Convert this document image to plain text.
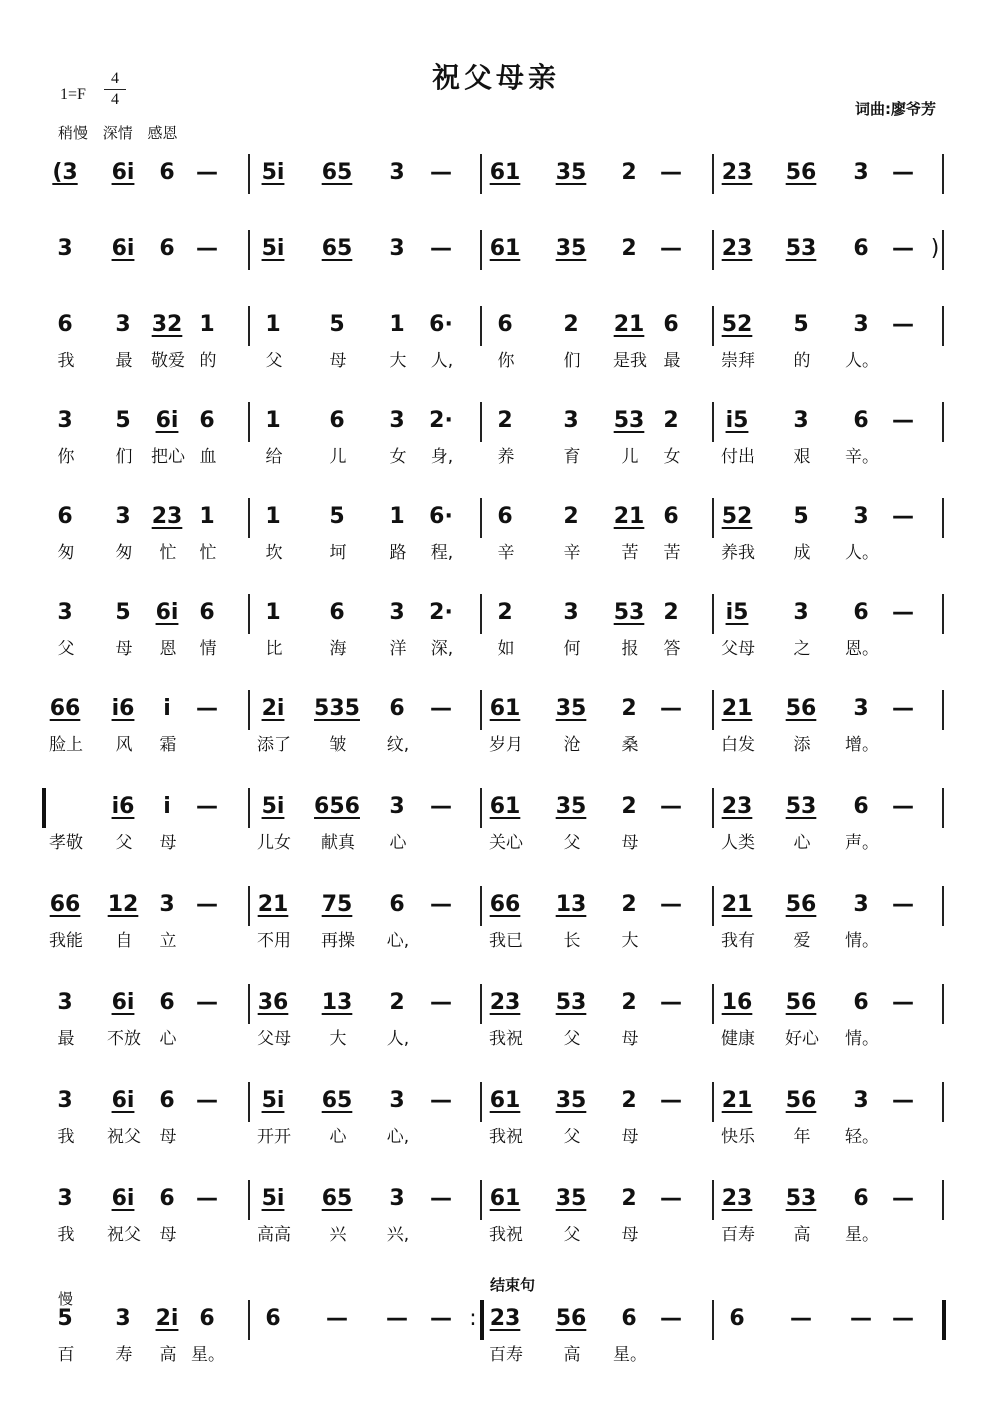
祝父母亲
1=F
4
4
稍慢 深情 感恩
词曲:廖爷芳
(3	6i	6 —	5i	65	3	—	61	35	2	—	23	56	3	—
3	6i	6 —	5i	65	3	—	61	35	2	—	23	53	6	— )
6	3 32 1	1	5	1	6·	6	2	21 6	52	5	3	—
我	最	敬爱 的	父	母	大	人,	你	们	是我 最	崇拜	的	人。
3	5	6i 6	1	6	3	2·	2	3	53 2	i5	3	6	—
你	们	把心 血	给	儿	女	身,	养	育	儿	女	付出	艰	辛。
6	3 23 1	1	5	1	6·	6	2	21 6	52	5	3	—
匆	匆	忙	忙	坎	坷	路	程,	辛	辛	苦	苦	养我	成	人。
3	5	6i 6	1	6	3	2·	2	3	53 2	i5	3	6	—
父	母	恩	情	比	海	洋	深,	如	何	报	答	父母	之	恩。
66	i6	i	—	2i	535	6	—	61	35	2	—	21	56	3	—
脸上	风	霜	添了	皱	纹,	岁月	沧	桑	白发	添	增。
i6	i	—	5i	656	3	—	61	35	2	—	23	53	6	—
孝敬	父	母	儿女	献真	心	关心	父	母	人类	心	声。
66	12 3 —	21	75	6	—	66	13	2	—	21	56	3	—
我能	自	立	不用	再操	心,	我已	长	大	我有	爱	情。
3	6i	6 —	36	13	2	—	23	53	2	—	16	56	6	—
最	不放	心	父母	大	人,	我祝	父	母	健康	好心	情。
3	6i	6 —	5i	65	3	—	61	35	2	—	21	56	3	—
我	祝父	母	开开	心	心,	我祝	父	母	快乐	年	轻。
3	6i	6 —	5i	65	3	—	61	35	2	—	23	53	6	—
我	祝父	母	高高	兴	兴,	我祝	父	母	百寿	高	星。
5	3	2i 6	6	—	—	— : 23	56	6	—	6	—	— —
百	寿	高 星。	百寿	高	星。
慢
结束句
